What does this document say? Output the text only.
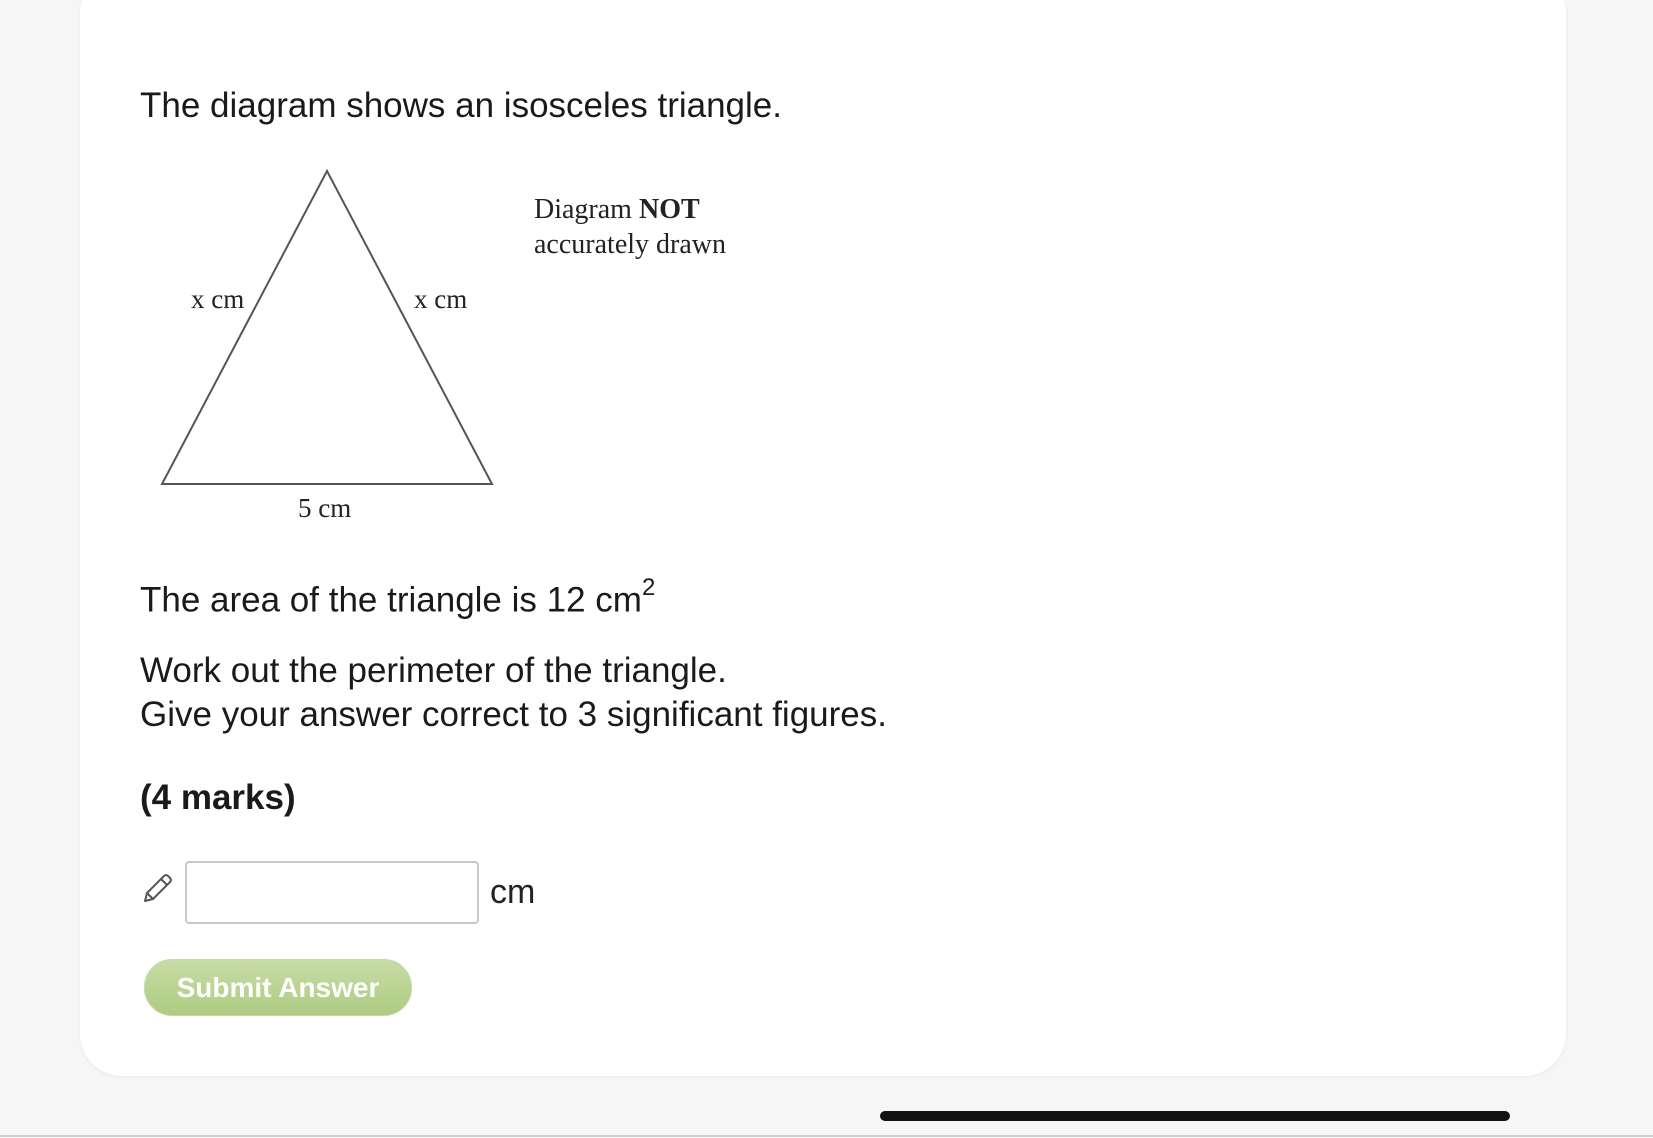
The diagram shows an isosceles triangle.
x cm	x cm
5 cm
Diagram NOT
accurately drawn
The area of the triangle is 12 $cm^2$
Work out the perimeter of the triangle.
Give your answer correct to 3 significant figures.
(4 marks)
cm
Submit Answer
